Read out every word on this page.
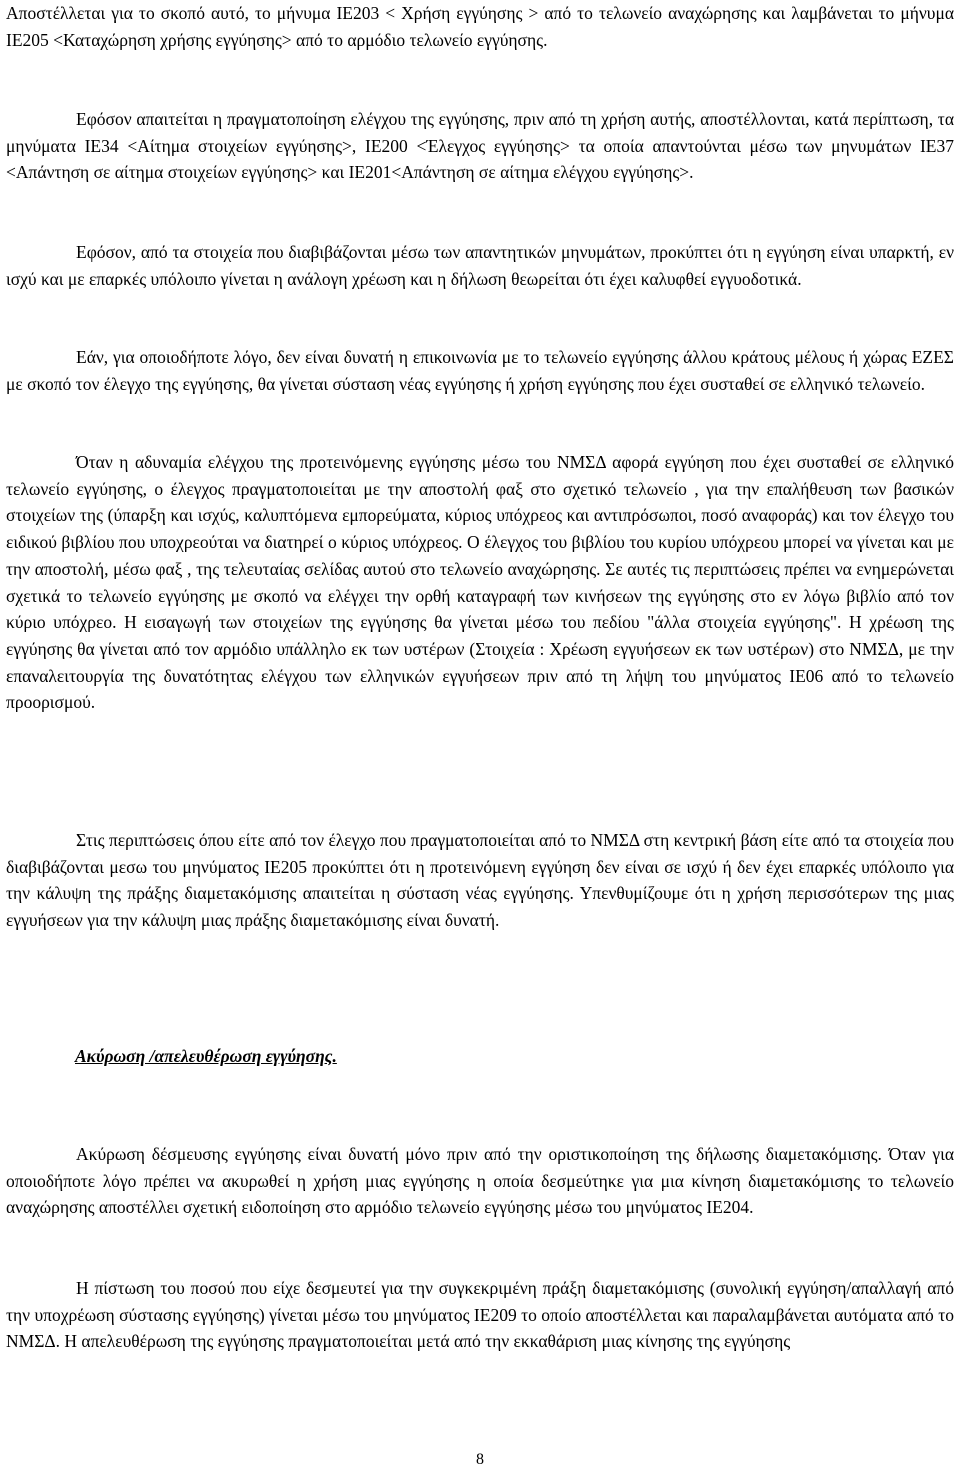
Αποστέλλεται για το σκοπό αυτό, το μήνυμα ΙΕ203 < Χρήση εγγύησης > από το τελωνείο αναχώρησης και λαμβάνεται το μήνυμα ΙΕ205 <Καταχώρηση χρήσης εγγύησης> από το αρμόδιο τελωνείο εγγύησης.

Εφόσον απαιτείται η πραγματοποίηση ελέγχου της εγγύησης, πριν από τη χρήση αυτής, αποστέλλονται, κατά περίπτωση, τα μηνύματα ΙΕ34 <Αίτημα στοιχείων εγγύησης>, ΙΕ200 <Έλεγχος εγγύησης> τα οποία απαντούνται μέσω των μηνυμάτων ΙΕ37 <Απάντηση σε αίτημα στοιχείων εγγύησης> και ΙΕ201<Απάντηση σε αίτημα ελέγχου εγγύησης>.

Εφόσον, από τα στοιχεία που διαβιβάζονται μέσω των απαντητικών μηνυμάτων, προκύπτει ότι η εγγύηση είναι υπαρκτή, εν ισχύ και με επαρκές υπόλοιπο γίνεται η ανάλογη χρέωση και η δήλωση θεωρείται ότι έχει καλυφθεί εγγυοδοτικά.

Εάν, για οποιοδήποτε λόγο, δεν είναι δυνατή η επικοινωνία με το τελωνείο εγγύησης άλλου κράτους μέλους ή χώρας ΕΖΕΣ με σκοπό τον έλεγχο της εγγύησης, θα γίνεται σύσταση νέας εγγύησης ή χρήση εγγύησης που έχει συσταθεί σε ελληνικό τελωνείο.

Όταν η αδυναμία ελέγχου της προτεινόμενης εγγύησης μέσω του ΝΜΣΔ αφορά εγγύηση που έχει συσταθεί σε ελληνικό τελωνείο εγγύησης, ο έλεγχος πραγματοποιείται με την αποστολή φαξ στο σχετικό τελωνείο , για την επαλήθευση των βασικών στοιχείων της (ύπαρξη και ισχύς, καλυπτόμενα εμπορεύματα, κύριος υπόχρεος και αντιπρόσωποι, ποσό αναφοράς) και τον έλεγχο του ειδικού βιβλίου που υποχρεούται να διατηρεί ο κύριος υπόχρεος. Ο έλεγχος του βιβλίου του κυρίου υπόχρεου μπορεί να γίνεται και με την αποστολή, μέσω φαξ , της τελευταίας σελίδας αυτού στο τελωνείο αναχώρησης. Σε αυτές τις περιπτώσεις πρέπει να ενημερώνεται σχετικά το τελωνείο εγγύησης με σκοπό να ελέγχει την ορθή καταγραφή των κινήσεων της εγγύησης στο εν λόγω βιβλίο από τον κύριο υπόχρεο. Η εισαγωγή των στοιχείων της εγγύησης θα γίνεται μέσω του πεδίου "άλλα στοιχεία εγγύησης". Η χρέωση της εγγύησης θα γίνεται από τον αρμόδιο υπάλληλο εκ των υστέρων (Στοιχεία : Χρέωση εγγυήσεων εκ των υστέρων) στο ΝΜΣΔ, με την επαναλειτουργία της δυνατότητας ελέγχου των ελληνικών εγγυήσεων πριν από τη λήψη του μηνύματος ΙΕ06 από το τελωνείο προορισμού.

Στις περιπτώσεις όπου είτε από τον έλεγχο που πραγματοποιείται από το ΝΜΣΔ στη κεντρική βάση είτε από τα στοιχεία που διαβιβάζονται μεσω του μηνύματος ΙΕ205 προκύπτει ότι η προτεινόμενη εγγύηση δεν είναι σε ισχύ ή δεν έχει επαρκές υπόλοιπο για την κάλυψη της πράξης διαμετακόμισης απαιτείται η σύσταση νέας εγγύησης. Υπενθυμίζουμε ότι η χρήση περισσότερων της μιας εγγυήσεων για την κάλυψη μιας πράξης διαμετακόμισης είναι δυνατή.

Ακύρωση /απελευθέρωση εγγύησης.

Ακύρωση δέσμευσης εγγύησης είναι δυνατή μόνο πριν από την οριστικοποίηση της δήλωσης διαμετακόμισης. Όταν για οποιοδήποτε λόγο πρέπει να ακυρωθεί η χρήση μιας εγγύησης η οποία δεσμεύτηκε για μια κίνηση διαμετακόμισης το τελωνείο αναχώρησης αποστέλλει σχετική ειδοποίηση στο αρμόδιο τελωνείο εγγύησης μέσω του μηνύματος ΙΕ204.

Η πίστωση του ποσού που είχε δεσμευτεί για την συγκεκριμένη πράξη διαμετακόμισης (συνολική εγγύηση/απαλλαγή από την υποχρέωση σύστασης εγγύησης) γίνεται μέσω του μηνύματος ΙΕ209 το οποίο αποστέλλεται και παραλαμβάνεται αυτόματα από το ΝΜΣΔ. Η απελευθέρωση της εγγύησης πραγματοποιείται μετά από την εκκαθάριση μιας κίνησης της εγγύησης

8
